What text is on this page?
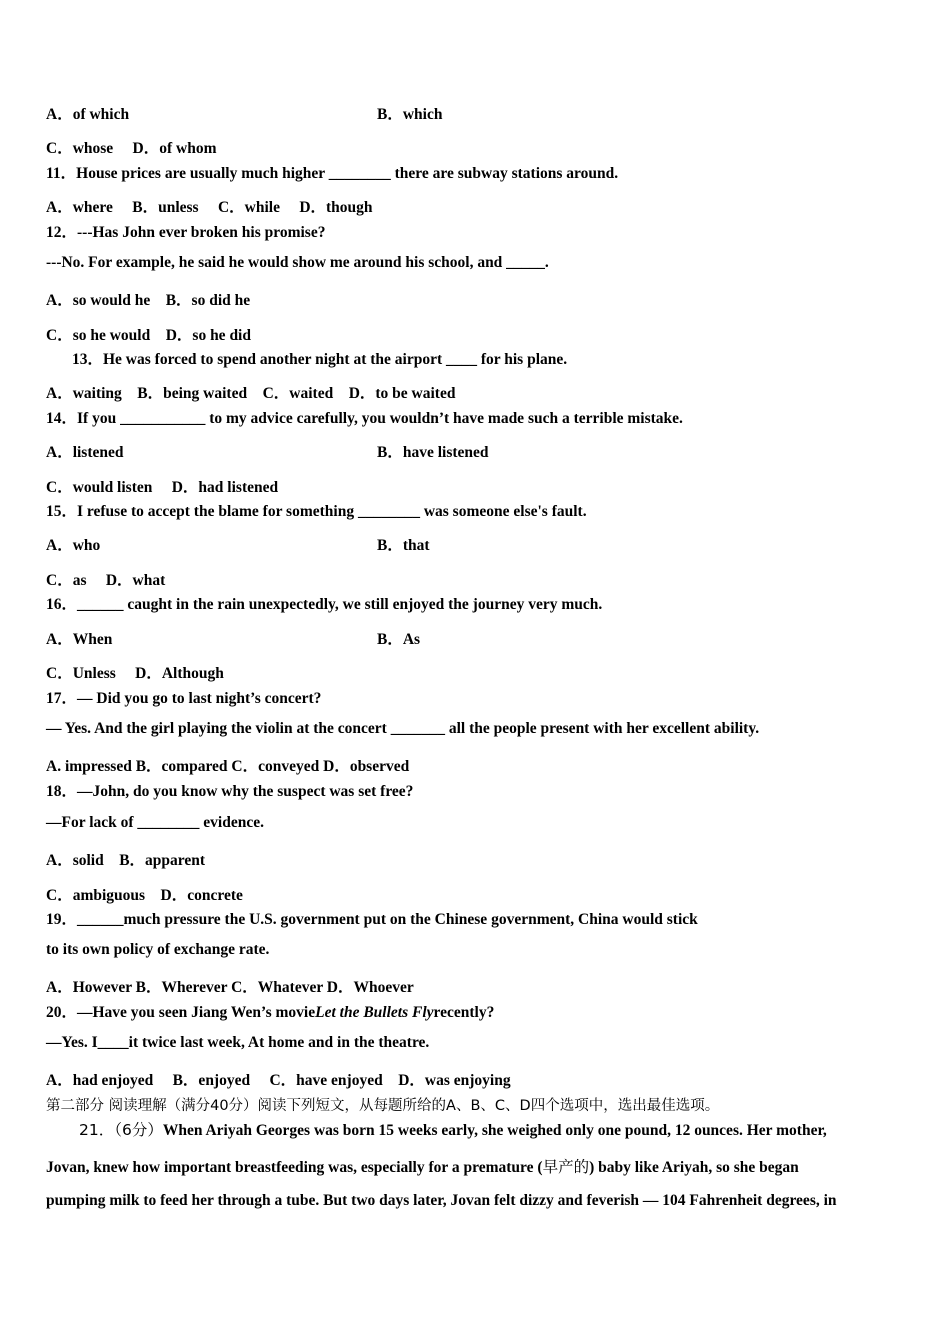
A．of which	B．which
C．whose　 D．of whom
11．House prices are usually much higher ________ there are subway stations around.
A．where　 B．unless　 C．while　 D．though
12．---Has John ever broken his promise?
---No. For example, he said he would show me around his school, and _____.
A．so would he　B．so did he
C．so he would　D．so he did
13．He was forced to spend another night at the airport ____ for his plane.
A．waiting　B．being waited　C．waited　D．to be waited
14．If you ___________ to my advice carefully, you wouldn’t have made such a terrible mistake.
A．listened	B．have listened
C．would listen　 D．had listened
15．I refuse to accept the blame for something ________ was someone else's fault.
A．who	B．that
C．as　 D．what
16．______ caught in the rain unexpectedly, we still enjoyed the journey very much.
A．When	B．As
C．Unless　 D．Although
17．— Did you go to last night’s concert?
— Yes. And the girl playing the violin at the concert _______ all the people present with her excellent ability.
A. impressed B．compared C．conveyed D．observed
18．—John, do you know why the suspect was set free?
—For lack of ________ evidence.
A．solid　B．apparent
C．ambiguous　D．concrete
19．______much pressure the U.S. government put on the Chinese government, China would stick
to its own policy of exchange rate.
A．However B．Wherever C．Whatever D．Whoever
20．—Have you seen Jiang Wen’s movieLet the Bullets Flyrecently?
—Yes. I____it twice last week, At home and in the theatre.
A．had enjoyed　 B．enjoyed　 C．have enjoyed　D．was enjoying
第二部分 阅读理解（满分40分）阅读下列短文，从每题所给的A、B、C、D四个选项中，选出最佳选项。
21．（6分）When Ariyah Georges was born 15 weeks early, she weighed only one pound, 12 ounces. Her mother,
Jovan, knew how important breastfeeding was, especially for a premature (早产的) baby like Ariyah, so she began
pumping milk to feed her through a tube. But two days later, Jovan felt dizzy and feverish — 104 Fahrenheit degrees, in
